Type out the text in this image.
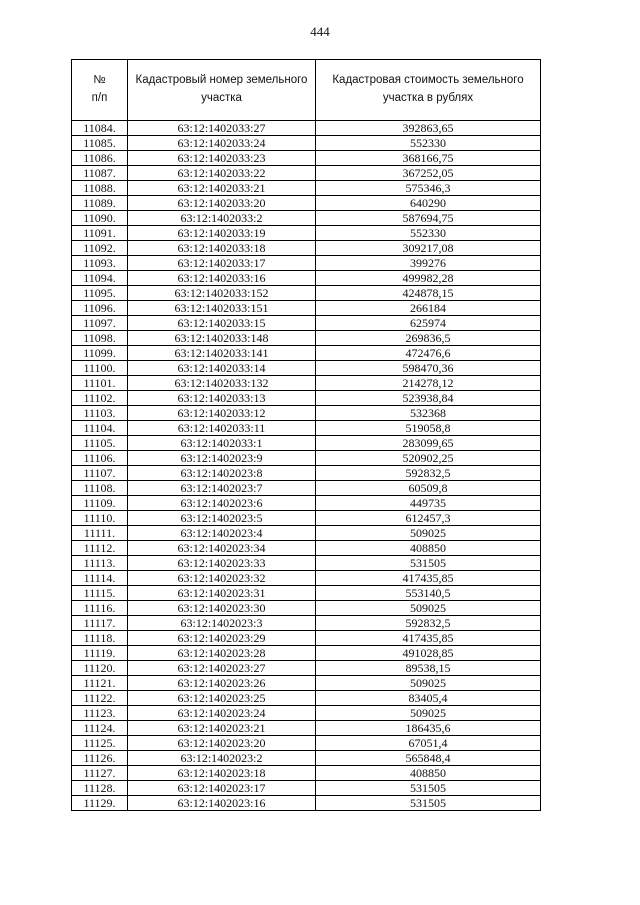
444
№
п/п	Кадастровый номер земельного участка	Кадастровая стоимость земельного участка в рублях
11084.	63:12:1402033:27	392863,65
11085.	63:12:1402033:24	552330
11086.	63:12:1402033:23	368166,75
11087.	63:12:1402033:22	367252,05
11088.	63:12:1402033:21	575346,3
11089.	63:12:1402033:20	640290
11090.	63:12:1402033:2	587694,75
11091.	63:12:1402033:19	552330
11092.	63:12:1402033:18	309217,08
11093.	63:12:1402033:17	399276
11094.	63:12:1402033:16	499982,28
11095.	63:12:1402033:152	424878,15
11096.	63:12:1402033:151	266184
11097.	63:12:1402033:15	625974
11098.	63:12:1402033:148	269836,5
11099.	63:12:1402033:141	472476,6
11100.	63:12:1402033:14	598470,36
11101.	63:12:1402033:132	214278,12
11102.	63:12:1402033:13	523938,84
11103.	63:12:1402033:12	532368
11104.	63:12:1402033:11	519058,8
11105.	63:12:1402033:1	283099,65
11106.	63:12:1402023:9	520902,25
11107.	63:12:1402023:8	592832,5
11108.	63:12:1402023:7	60509,8
11109.	63:12:1402023:6	449735
11110.	63:12:1402023:5	612457,3
11111.	63:12:1402023:4	509025
11112.	63:12:1402023:34	408850
11113.	63:12:1402023:33	531505
11114.	63:12:1402023:32	417435,85
11115.	63:12:1402023:31	553140,5
11116.	63:12:1402023:30	509025
11117.	63:12:1402023:3	592832,5
11118.	63:12:1402023:29	417435,85
11119.	63:12:1402023:28	491028,85
11120.	63:12:1402023:27	89538,15
11121.	63:12:1402023:26	509025
11122.	63:12:1402023:25	83405,4
11123.	63:12:1402023:24	509025
11124.	63:12:1402023:21	186435,6
11125.	63:12:1402023:20	67051,4
11126.	63:12:1402023:2	565848,4
11127.	63:12:1402023:18	408850
11128.	63:12:1402023:17	531505
11129.	63:12:1402023:16	531505
